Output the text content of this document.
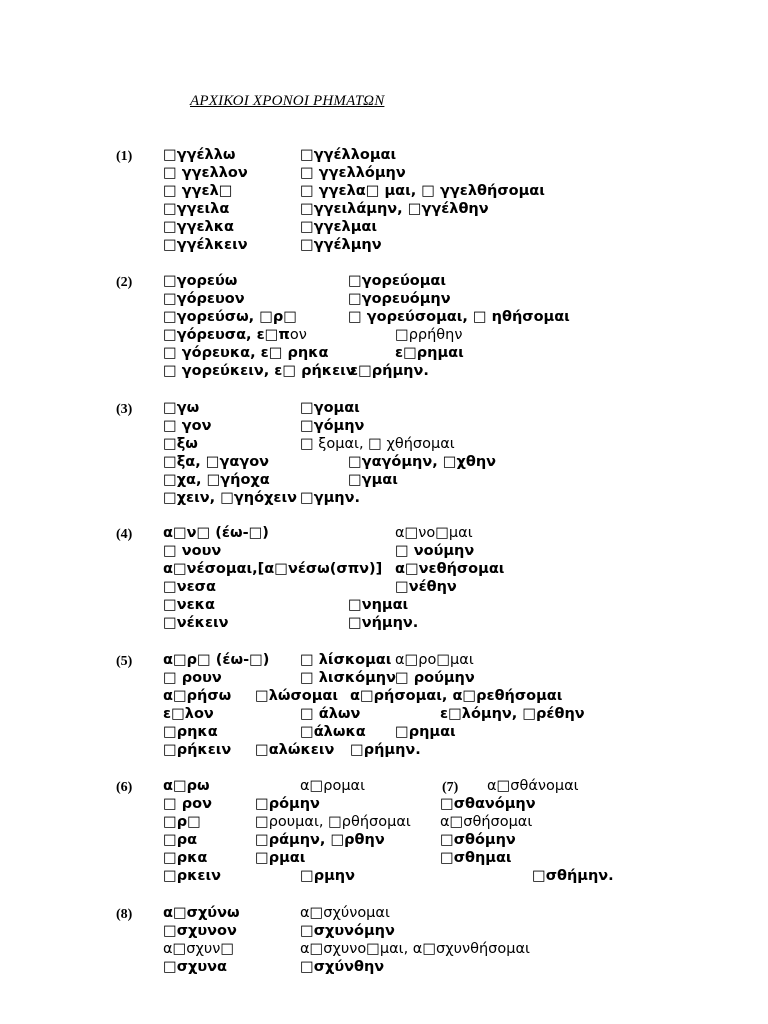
ΑΡΧΙΚΟΙ ΧΡΟΝΟΙ ΡΗΜΑΤΩΝ
(1) □γγέλλω
□ γγελλον
□ γγελ□
□γγειλα
□γγελκα
□γγέλκειν
□γγέλλομαι
□ γγελλόμην
□ γγελα□ μαι, □ γγελθήσομαι
□γγειλάμην, □γγέλθην
□γγελμαι
□γγέλμην
(2) □γορεύω
□γόρευον
□γορεύσω, □ρ□
□γόρευσα, ε□πον
□ γόρευκα, ε□ ρηκα
□ γορεύκειν, ε□ ρήκειν
□γορεύομαι
□γορευόμην
□ γορεύσομαι, □ ηθήσομαι
□ρρήθην
ε□ρημαι
ε□ρήμην.
(3) □γω
□ γον
□ξω
□ξα, □γαγον
□χα, □γήοχα
□χειν, □γηόχειν
□γομαι
□γόμην
□ ξομαι, □ χθήσομαι
□γαγόμην, □χθην
□γμαι
□γμην.
(4) α□ν□ (έω-□)
□ νουν
α□νέσομαι,[α□νέσω(σπν)]
□νεσα
□νεκα
□νέκειν
α□νο□μαι
□ νούμην
α□νεθήσομαι
□νέθην
□νημαι
□νήμην.
(5) α□ρ□ (έω-□)
□ ρουν
α□ρήσω
ε□λον
□ρηκα
□ρήκειν
□ λίσκομαι
□ λισκόμην
□λώσομαι
□ άλων
□άλωκα
□αλώκειν
α□ρο□μαι
□ ρούμην
α□ρήσομαι, α□ρεθήσομαι
ε□λόμην, □ρέθην
□ρημαι
□ρήμην.
(6) α□ρω
□ ρον
□ρ□
□ρα
□ρκα
□ρκειν
α□ρομαι
□ρόμην
□ρουμαι, □ρθήσομαι
□ράμην, □ρθην
□ρμαι
□ρμην
(7) α□σθάνομαι
□σθανόμην
α□σθήσομαι
□σθόμην
□σθημαι
□σθήμην.
(8) α□σχύνω
□σχυνον
α□σχυν□
□σχυνα
α□σχύνομαι
□σχυνόμην
α□σχυνο□μαι, α□σχυνθήσομαι
□σχύνθην
